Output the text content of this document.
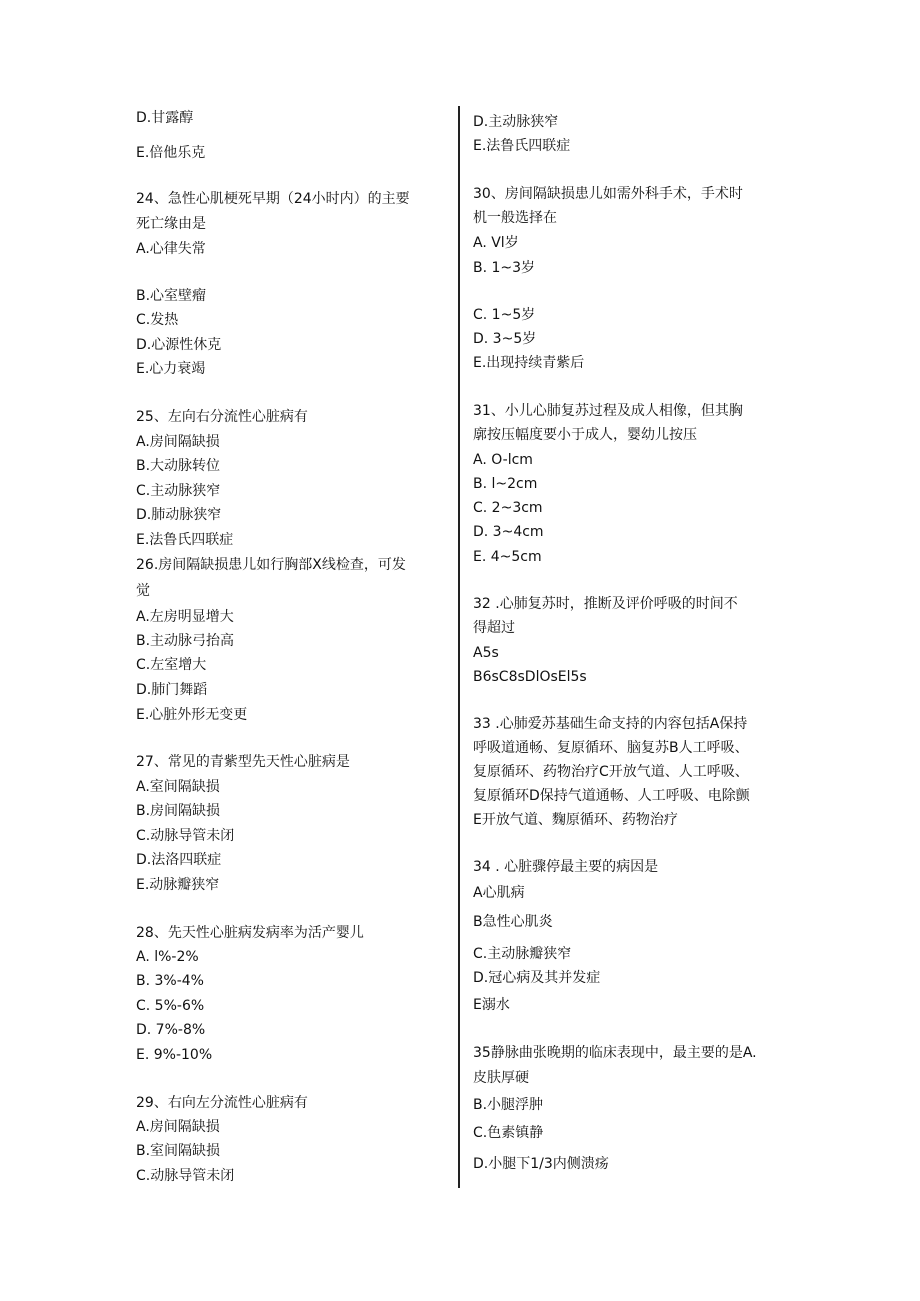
D.甘露醇
E.倍他乐克
24、急性心肌梗死早期（24小时内）的主要
死亡缘由是
A.心律失常
B.心室壁瘤
C.发热
D.心源性休克
E.心力衰竭
25、左向右分流性心脏病有
A.房间隔缺损
B.大动脉转位
C.主动脉狭窄
D.肺动脉狭窄
E.法鲁氏四联症
26.房间隔缺损患儿如行胸部X线检查，可发
觉
A.左房明显增大
B.主动脉弓抬高
C.左室增大
D.肺门舞蹈
E.心脏外形无变更
27、常见的青紫型先天性心脏病是
A.室间隔缺损
B.房间隔缺损
C.动脉导管未闭
D.法洛四联症
E.动脉瓣狭窄
28、先天性心脏病发病率为活产婴儿
A. l%-2%
B. 3%-4%
C. 5%-6%
D. 7%-8%
E. 9%-10%
29、右向左分流性心脏病有
A.房间隔缺损
B.室间隔缺损
C.动脉导管未闭
D.主动脉狭窄
E.法鲁氏四联症
30、房间隔缺损患儿如需外科手术，手术时
机一般选择在
A. Vl岁
B. 1~3岁
C. 1~5岁
D. 3~5岁
E.出现持续青紫后
31、小儿心肺复苏过程及成人相像，但其胸
廓按压幅度要小于成人，婴幼儿按压
A. O-lcm
B. l~2cm
C. 2~3cm
D. 3~4cm
E. 4~5cm
32 .心肺复苏时，推断及评价呼吸的时间不
得超过
A5s
B6sC8sDlOsEl5s
33 .心肺爱苏基础生命支持的内容包括A保持
呼吸道通畅、复原循环、脑复苏B人工呼吸、
复原循环、药物治疗C开放气道、人工呼吸、
复原循环D保持气道通畅、人工呼吸、电除颤
E开放气道、麴原循环、药物治疗
34 . 心脏骤停最主要的病因是
A心肌病
B急性心肌炎
C.主动脉瓣狭窄
D.冠心病及其并发症
E溺水
35静脉曲张晚期的临床表现中，最主要的是A.
皮肤厚硬
B.小腿浮肿
C.色素镇静
D.小腿下1/3内侧溃疡
